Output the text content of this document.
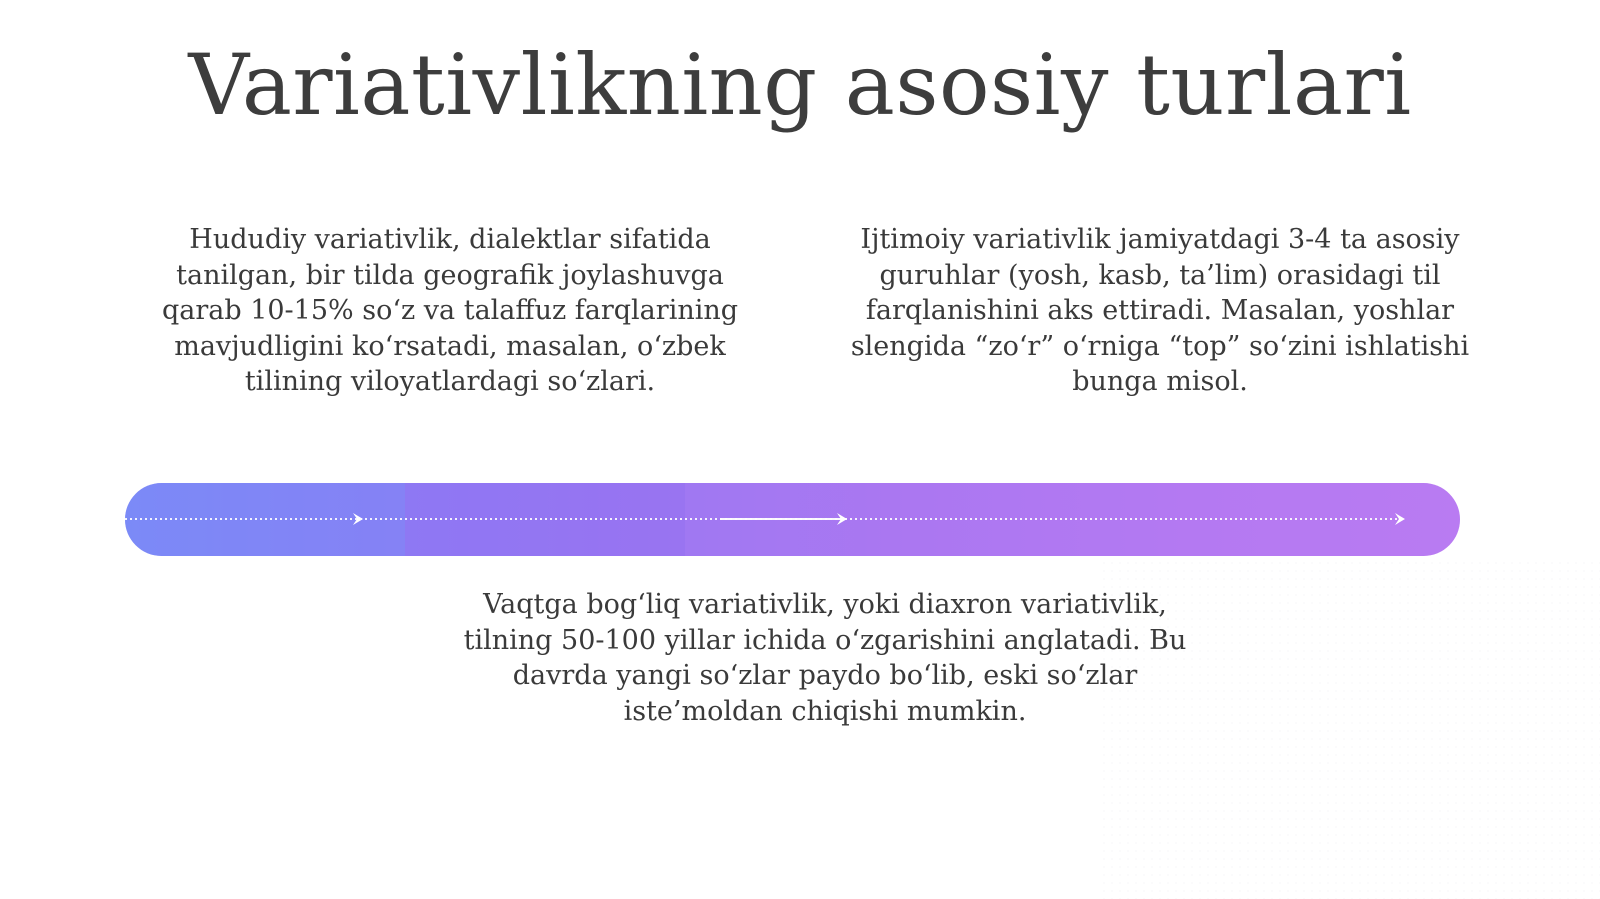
Variativlikning asosiy turlari
Hududiy variativlik, dialektlar sifatida tanilgan, bir tilda geografik joylashuvga qarab 10-15% so‘z va talaffuz farqlarining mavjudligini ko‘rsatadi, masalan, o‘zbek tilining viloyatlardagi so‘zlari.
Ijtimoiy variativlik jamiyatdagi 3-4 ta asosiy guruhlar (yosh, kasb, ta’lim) orasidagi til farqlanishini aks ettiradi. Masalan, yoshlar slengida “zo‘r” o‘rniga “top” so‘zini ishlatishi bunga misol.
Vaqtga bog‘liq variativlik, yoki diaxron variativlik, tilning 50-100 yillar ichida o‘zgarishini anglatadi. Bu davrda yangi so‘zlar paydo bo‘lib, eski so‘zlar iste’moldan chiqishi mumkin.
